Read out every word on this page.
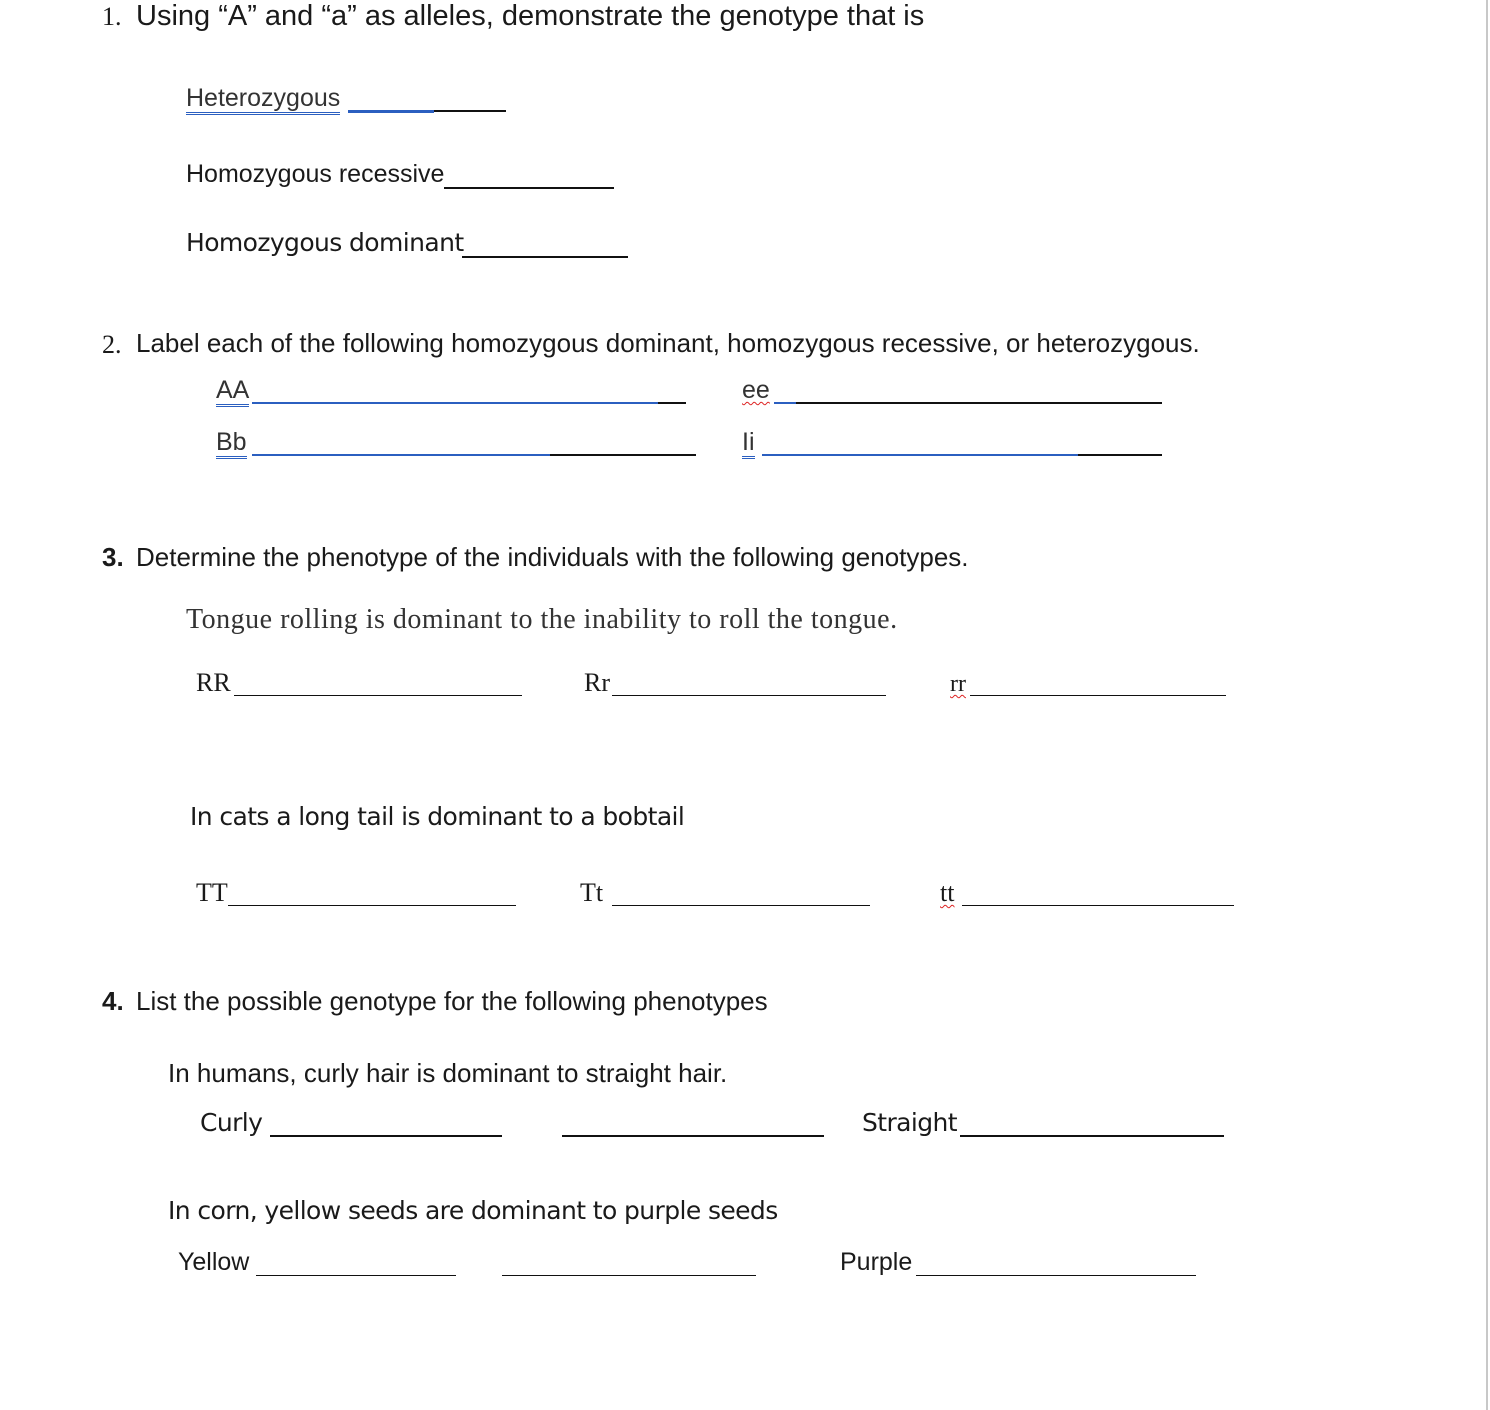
1. Using “A” and “a” as alleles, demonstrate the genotype that is
Heterozygous
Homozygous recessive
Homozygous dominant
2. Label each of the following homozygous dominant, homozygous recessive, or heterozygous.
AA	ee
Bb	Ii
3. Determine the phenotype of the individuals with the following genotypes.
Tongue rolling is dominant to the inability to roll the tongue.
RR	Rr	rr
In cats a long tail is dominant to a bobtail
TT	Tt	tt
4. List the possible genotype for the following phenotypes
In humans, curly hair is dominant to straight hair.
Curly	Straight
In corn, yellow seeds are dominant to purple seeds
Yellow	Purple
